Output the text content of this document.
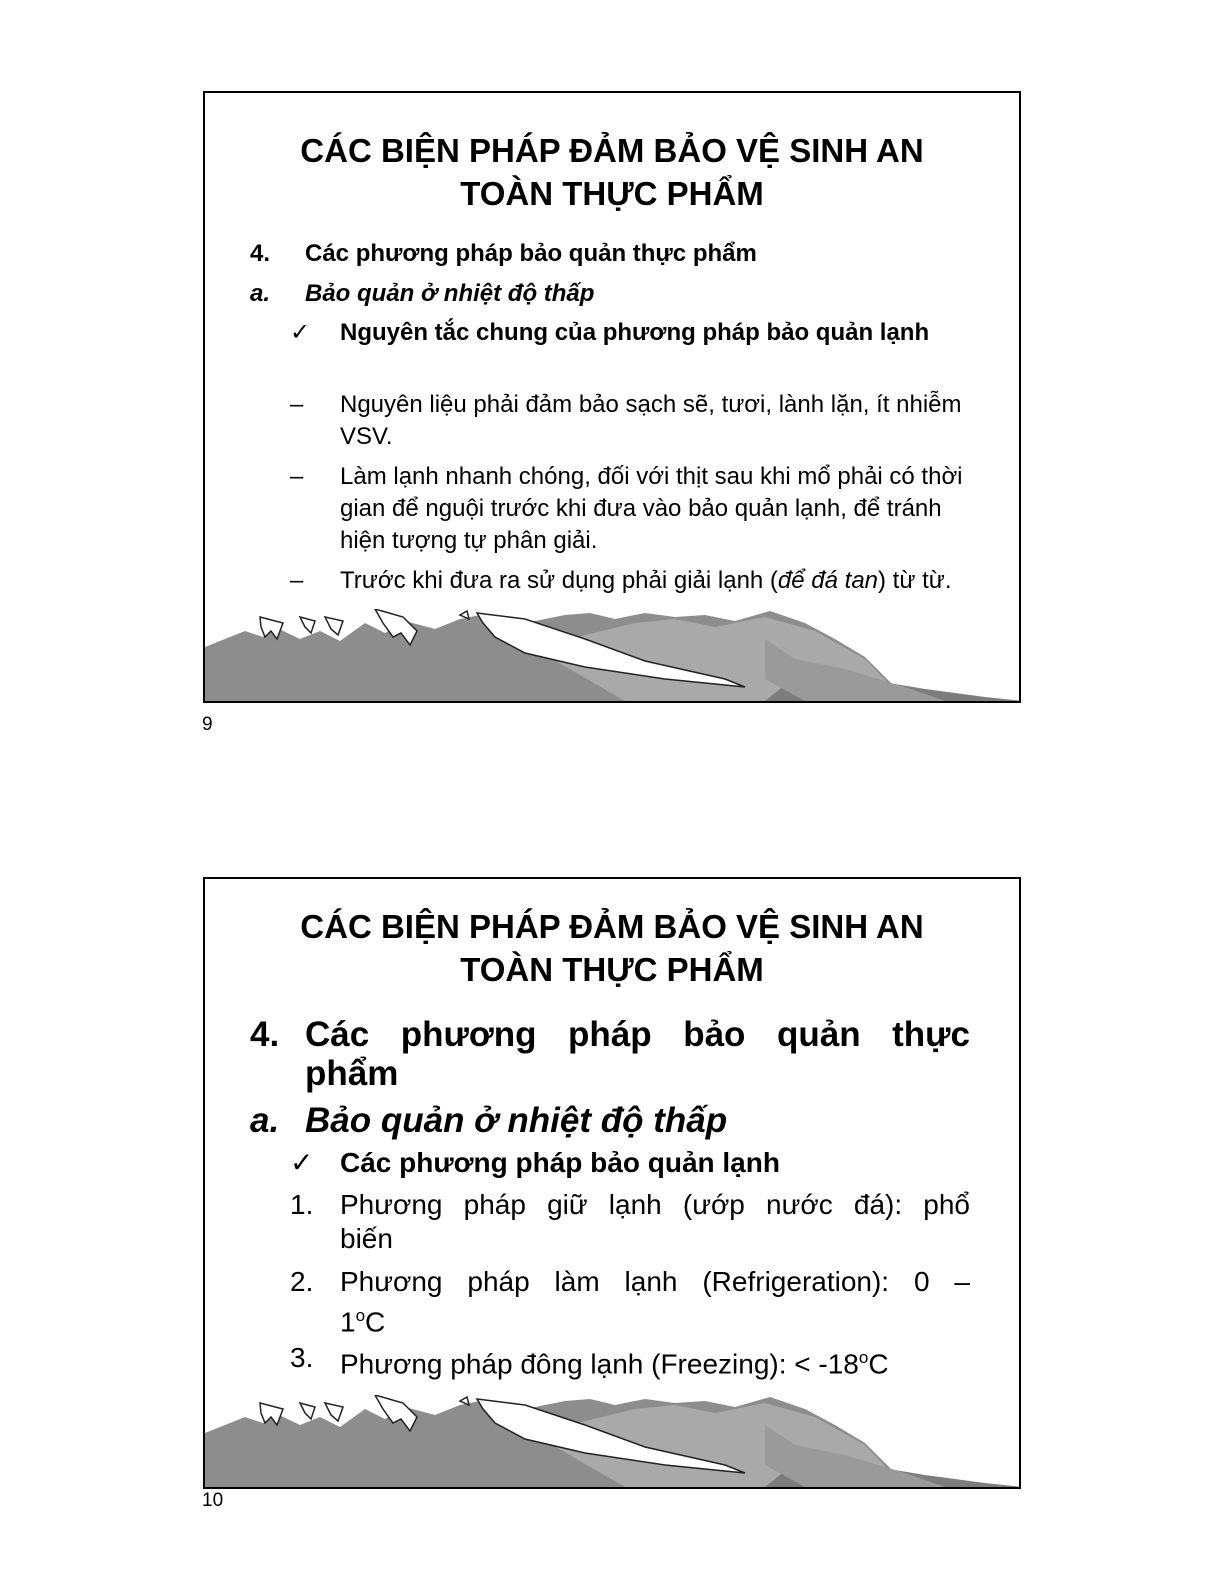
CÁC BIỆN PHÁP ĐẢM BẢO VỆ SINH AN
TOÀN THỰC PHẨM
4.	Các phương pháp bảo quản thực phẩm
a.	Bảo quản ở nhiệt độ thấp
✓	Nguyên tắc chung của phương pháp bảo quản lạnh
–	Nguyên liệu phải đảm bảo sạch sẽ, tươi, lành lặn, ít nhiễm VSV.
–	Làm lạnh nhanh chóng, đối với thịt sau khi mổ phải có thời gian để nguội trước khi đưa vào bảo quản lạnh, để tránh hiện tượng tự phân giải.
–	Trước khi đưa ra sử dụng phải giải lạnh (để đá tan) từ từ.
9
CÁC BIỆN PHÁP ĐẢM BẢO VỆ SINH AN
TOÀN THỰC PHẨM
4. Các phương pháp bảo quản thực
phẩm
a. Bảo quản ở nhiệt độ thấp
✓ Các phương pháp bảo quản lạnh
1. Phương pháp giữ lạnh (ướp nước đá): phổ
biến
2. Phương pháp làm lạnh (Refrigeration): 0 –
1$^o$C
3. Phương pháp đông lạnh (Freezing): < $-18^oC$
10
